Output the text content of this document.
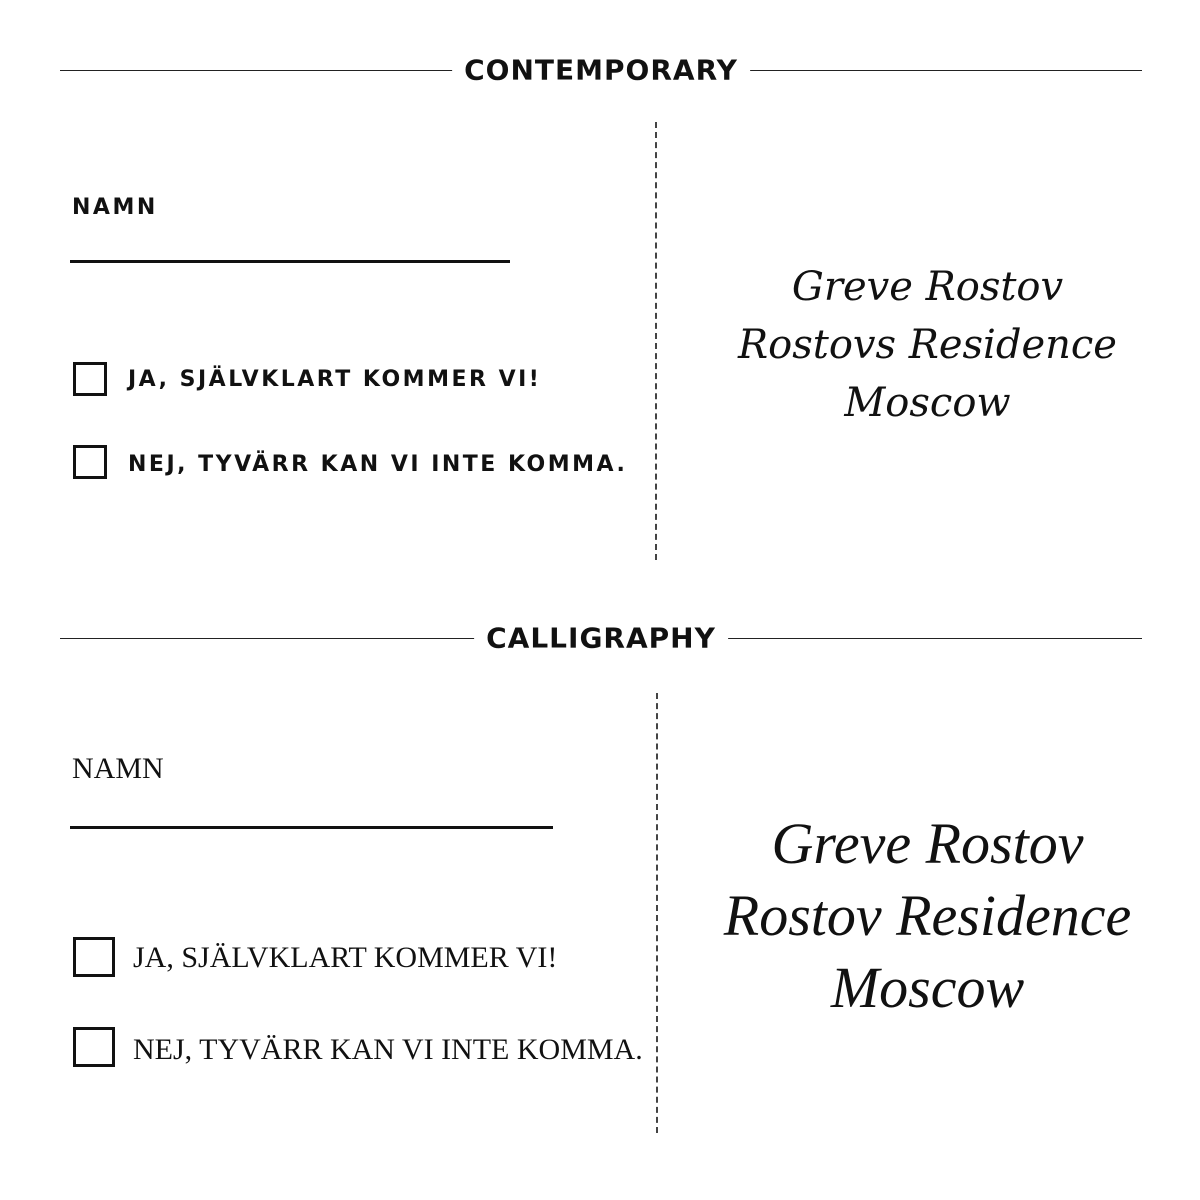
CONTEMPORARY
NAMN
JA, SJÄLVKLART KOMMER VI!
NEJ, TYVÄRR KAN VI INTE KOMMA.
Greve Rostov
Rostovs Residence
Moscow
CALLIGRAPHY
NAMN
JA, SJÄLVKLART KOMMER VI!
NEJ, TYVÄRR KAN VI INTE KOMMA.
Greve Rostov
Rostov Residence
Moscow
